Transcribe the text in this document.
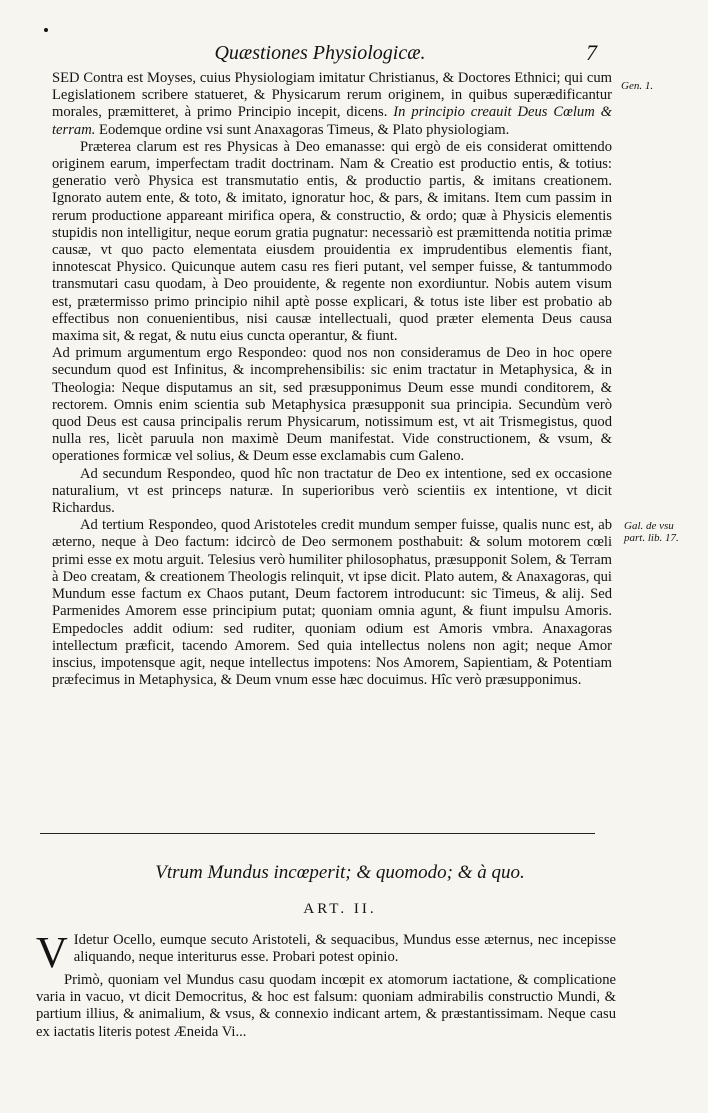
Quæstiones Physiologicæ.	7
Gen. 1.
Gal. de vsu part. lib. 17.

SED Contra est Moyses, cuius Physiologiam imitatur Christianus, & Doctores Ethnici; qui cum Legislationem scribere statueret, & Physicarum rerum originem, in quibus superædificantur morales, præmitteret, à primo Principio incepit, dicens. In principio creauit Deus Cœlum & terram. Eodemque ordine vsi sunt Anaxagoras Timeus, & Plato physiologiam.

Præterea clarum est res Physicas à Deo emanasse: qui ergò de eis considerat omittendo originem earum, imperfectam tradit doctrinam. Nam & Creatio est productio entis, & totius: generatio verò Physica est transmutatio entis, & productio partis, & imitans creationem. Ignorato autem ente, & toto, & imitato, ignoratur hoc, & pars, & imitans. Item cum passim in rerum productione appareant mirifica opera, & constructio, & ordo; quæ à Physicis elementis stupidis non intelligitur, neque eorum gratia pugnatur: necessariò est præmittenda notitia primæ causæ, vt quo pacto elementata eiusdem prouidentia ex imprudentibus elementis fiant, innotescat Physico. Quicunque autem casu res fieri putant, vel semper fuisse, & tantummodo transmutari casu quodam, à Deo prouidente, & regente non exordiuntur. Nobis autem visum est, prætermisso primo principio nihil aptè posse explicari, & totus iste liber est probatio ab effectibus non conuenientibus, nisi causæ intellectuali, quod præter elementa Deus causa maxima sit, & regat, & nutu eius cuncta operantur, & fiunt.

Ad primum argumentum ergo Respondeo: quod nos non consideramus de Deo in hoc opere secundum quod est Infinitus, & incomprehensibilis: sic enim tractatur in Metaphysica, & in Theologia: Neque disputamus an sit, sed præsupponimus Deum esse mundi conditorem, & rectorem. Omnis enim scientia sub Metaphysica præsupponit sua principia. Secundùm verò quod Deus est causa principalis rerum Physicarum, notissimum est, vt ait Trismegistus, quod nulla res, licèt paruula non maximè Deum manifestat. Vide constructionem, & vsum, & operationes formicæ vel solius, & Deum esse exclamabis cum Galeno.

Ad secundum Respondeo, quod hîc non tractatur de Deo ex intentione, sed ex occasione naturalium, vt est princeps naturæ. In superioribus verò scientiis ex intentione, vt dicit Richardus.

Ad tertium Respondeo, quod Aristoteles credit mundum semper fuisse, qualis nunc est, ab æterno, neque à Deo factum: idcircò de Deo sermonem posthabuit: & solum motorem cœli primi esse ex motu arguit. Telesius verò humiliter philosophatus, præsupponit Solem, & Terram à Deo creatam, & creationem Theologis relinquit, vt ipse dicit. Plato autem, & Anaxagoras, qui Mundum esse factum ex Chaos putant, Deum factorem introducunt: sic Timeus, & alij. Sed Parmenides Amorem esse principium putat; quoniam omnia agunt, & fiunt impulsu Amoris. Empedocles addit odium: sed ruditer, quoniam odium est Amoris vmbra. Anaxagoras intellectum præficit, tacendo Amorem. Sed quia intellectus nolens non agit; neque Amor inscius, impotensque agit, neque intellectus impotens: Nos Amorem, Sapientiam, & Potentiam præfecimus in Metaphysica, & Deum vnum esse hæc docuimus. Hîc verò præsupponimus.

Vtrum Mundus incœperit; & quomodo; & à quo.
ART. II.

V Idetur Ocello, eumque secuto Aristoteli, & sequacibus, Mundus esse æternus, nec incepisse aliquando, neque interiturus esse. Probari potest opinio.

Primò, quoniam vel Mundus casu quodam incœpit ex atomorum iactatione, & complicatione varia in vacuo, vt dicit Democritus, & hoc est falsum: quoniam admirabilis constructio Mundi, & partium illius, & animalium, & vsus, & connexio indicant artem, & præstantissimam. Neque casu ex iactatis literis potest Æneida Vi...
